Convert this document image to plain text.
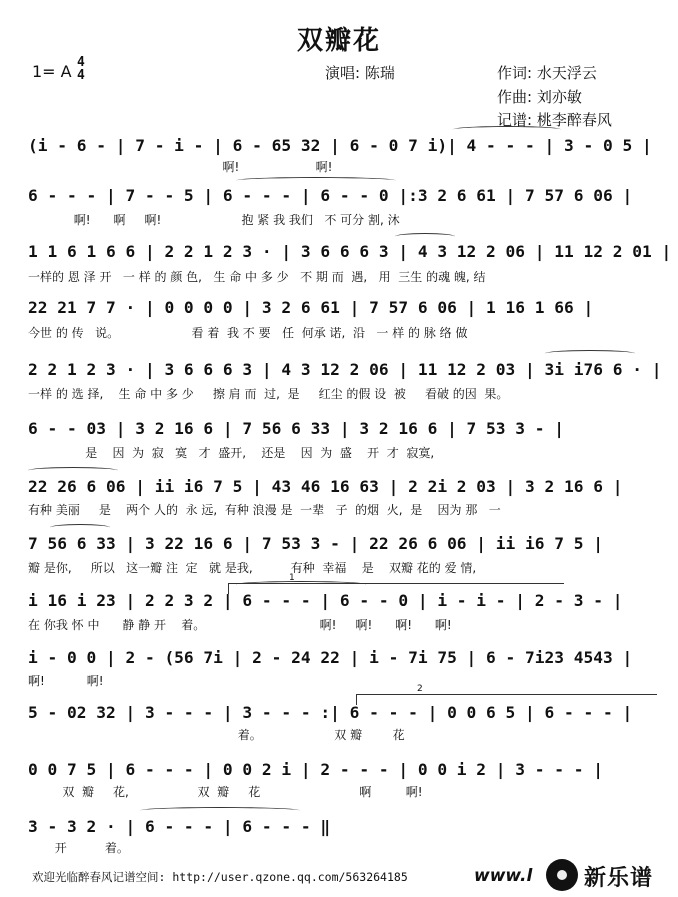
双瓣花
1= A 4
4	演唱: 陈瑞	作词: 水天浮云
作曲: 刘亦敏
记谱: 桃李醉春风
(i - 6 - | 7 - i - | 6 - 65 32 | 6 - 0 7 i)| 4 - - - | 3 - 0 5 |
啊!                    啊!
6 - - - | 7 - - 5 | 6 - - - | 6 - - 0 |:3 2 6 61 | 7 57 6 06 |
啊!      啊     啊!                     抱 紧 我 我们   不 可分 割, 沐
1 1 6 1 6 6 | 2 2 1 2 3 · | 3 6 6 6 3 | 4 3 12 2 06 | 11 12 2 01 |
一样的 恩 泽 开   一 样 的 颜 色,   生 命 中 多 少   不 期 而  遇,   用  三生 的魂 魄, 结
22 21 7 7 · | 0 0 0 0 | 3 2 6 61 | 7 57 6 06 | 1 16 1 66 |
今世 的 传   说。                   看 着  我 不 要   任  何承 诺,  沿   一 样 的 脉 络 做
2 2 1 2 3 · | 3 6 6 6 3 | 4 3 12 2 06 | 11 12 2 03 | 3i i76 6 · |
一样 的 选 择,    生 命 中 多 少     擦 肩 而  过,  是     红尘 的假 设  被     看破 的因  果。
6 - - 03 | 3 2 16 6 | 7 56 6 33 | 3 2 16 6 | 7 53 3 - |
是    因  为  寂   寞   才  盛开,    还是    因  为  盛    开  才  寂寞,
22 26 6 06 | ii i6 7 5 | 43 46 16 63 | 2 2i 2 03 | 3 2 16 6 |
有种 美丽     是    两个 人的  永 远,  有种 浪漫 是  一辈   子  的烟  火,  是    因为 那   一
7 56 6 33 | 3 22 16 6 | 7 53 3 - | 22 26 6 06 | ii i6 7 5 |
瓣 是你,     所以   这一瓣 注  定   就 是我,          有种  幸福    是    双瓣 花的 爱 情,
1
i 16 i 23 | 2 2 3 2 | 6 - - - | 6 - - 0 | i - i - | 2 - 3 - |
在 你我 怀 中      静 静 开    着。                              啊!     啊!      啊!      啊!
i - 0 0 | 2 - (56 7i | 2 - 24 22 | i - 7i 75 | 6 - 7i23 4543 |
啊!           啊!
2
5 - 02 32 | 3 - - - | 3 - - - :| 6 - - - | 0 0 6 5 | 6 - - - |
着。                   双 瓣        花
0 0 7 5 | 6 - - - | 0 0 2 i | 2 - - - | 0 0 i 2 | 3 - - - |
双  瓣     花,                  双  瓣     花                          啊         啊!
3 - 3 2 · | 6 - - - | 6 - - - ‖
开          着。
欢迎光临醉春风记谱空间: http://user.qzone.qq.com/563264185	www.l 新乐谱
